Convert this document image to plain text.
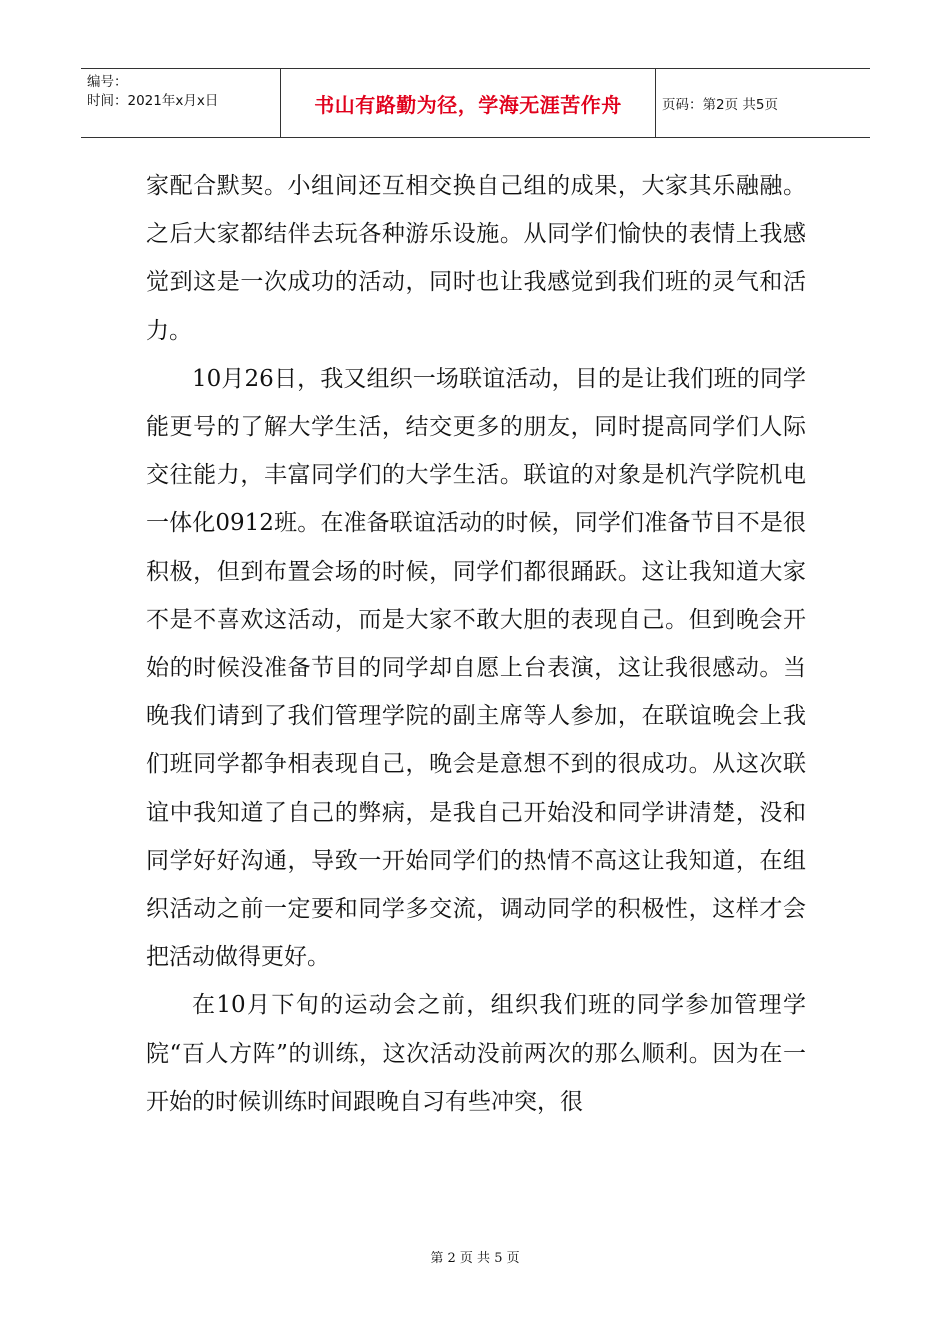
编号：
时间：2021年x月x日	书山有路勤为径，学海无涯苦作舟	页码：第2页 共5页

家配合默契。小组间还互相交换自己组的成果，大家其乐融融。之后大家都结伴去玩各种游乐设施。从同学们愉快的表情上我感觉到这是一次成功的活动，同时也让我感觉到我们班的灵气和活力。

10月26日，我又组织一场联谊活动，目的是让我们班的同学能更号的了解大学生活，结交更多的朋友，同时提高同学们人际交往能力，丰富同学们的大学生活。联谊的对象是机汽学院机电一体化0912班。在准备联谊活动的时候，同学们准备节目不是很积极，但到布置会场的时候，同学们都很踊跃。这让我知道大家不是不喜欢这活动，而是大家不敢大胆的表现自己。但到晚会开始的时候没准备节目的同学却自愿上台表演，这让我很感动。当晚我们请到了我们管理学院的副主席等人参加，在联谊晚会上我们班同学都争相表现自己，晚会是意想不到的很成功。从这次联谊中我知道了自己的弊病，是我自己开始没和同学讲清楚，没和同学好好沟通，导致一开始同学们的热情不高这让我知道，在组织活动之前一定要和同学多交流，调动同学的积极性，这样才会把活动做得更好。

在10月下旬的运动会之前，组织我们班的同学参加管理学院“百人方阵”的训练，这次活动没前两次的那么顺利。因为在一开始的时候训练时间跟晚自习有些冲突，很

第 2 页 共 5 页
